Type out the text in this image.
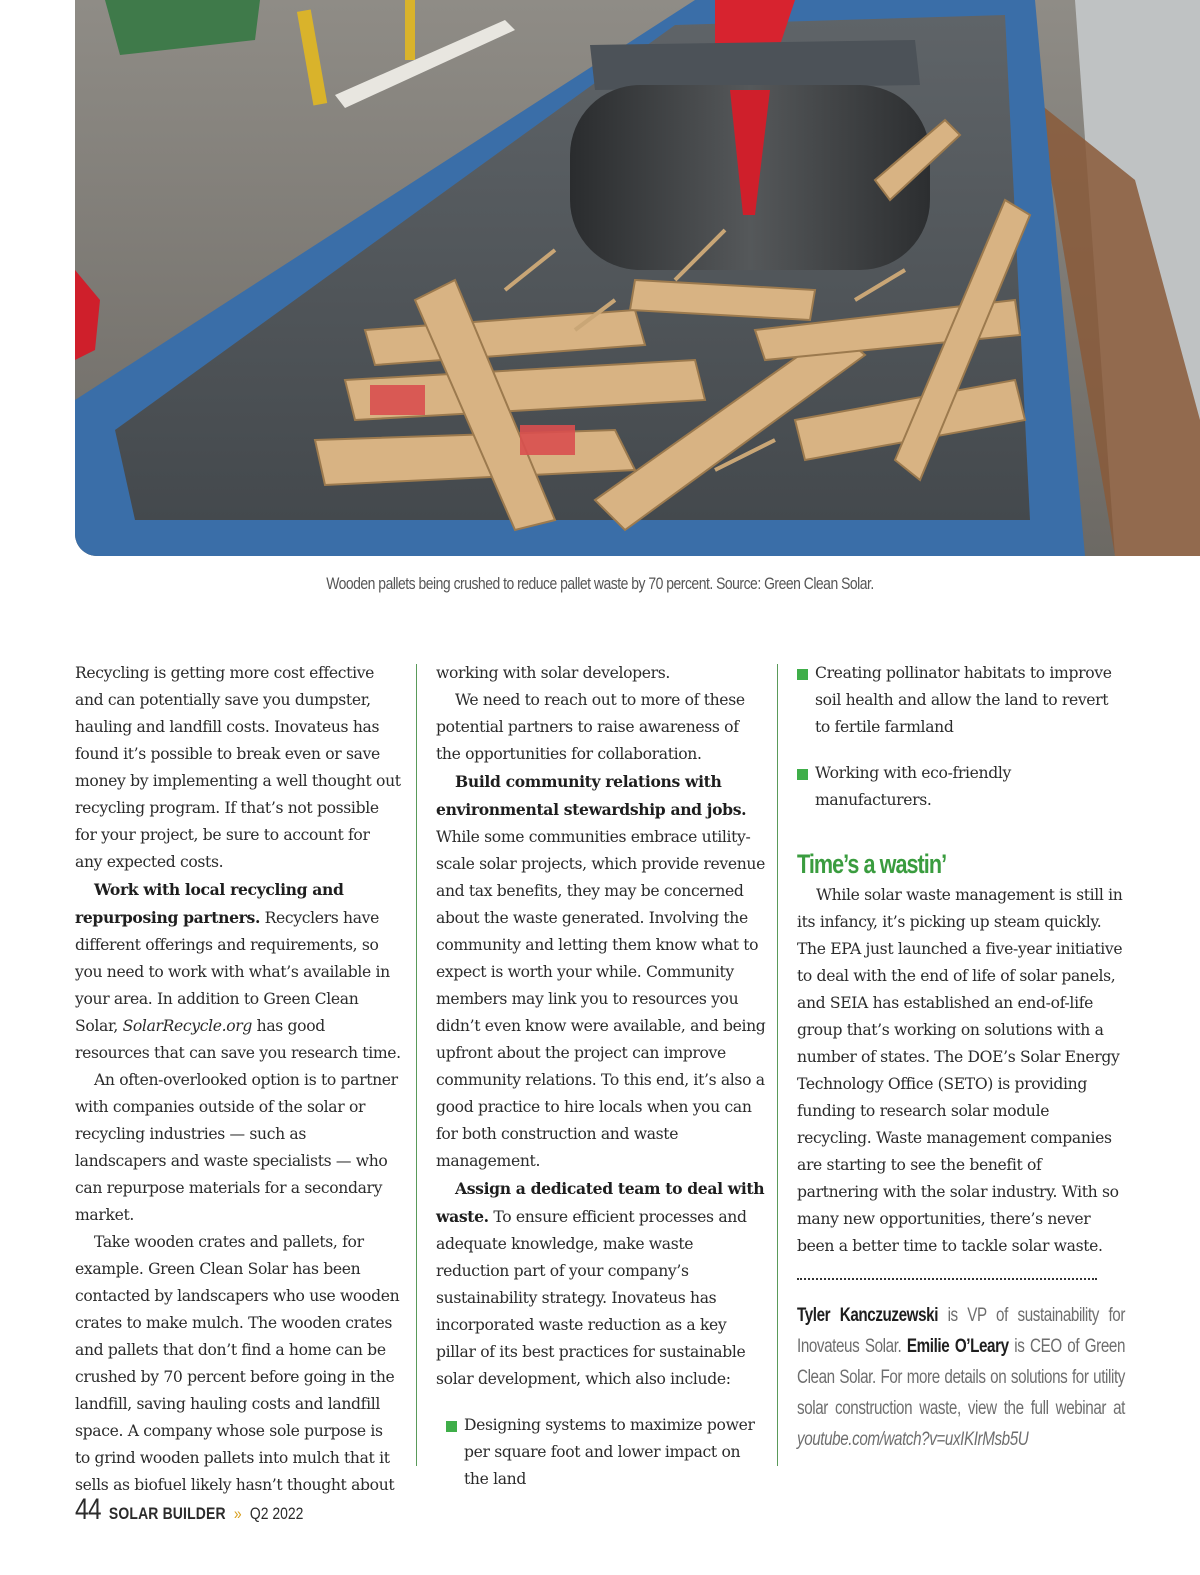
Wooden pallets being crushed to reduce pallet waste by 70 percent. Source: Green Clean Solar.

Recycling is getting more cost effective and can potentially save you dumpster, hauling and landfill costs. Inovateus has found it’s possible to break even or save money by implementing a well thought out recycling program. If that’s not possible for your project, be sure to account for any expected costs.

Work with local recycling and repurposing partners. Recyclers have different offerings and requirements, so you need to work with what’s available in your area. In addition to Green Clean Solar, SolarRecycle.org has good resources that can save you research time.

An often-overlooked option is to partner with companies outside of the solar or recycling industries — such as landscapers and waste specialists — who can repurpose materials for a secondary market.

Take wooden crates and pallets, for example. Green Clean Solar has been contacted by landscapers who use wooden crates to make mulch. The wooden crates and pallets that don’t find a home can be crushed by 70 percent before going in the landfill, saving hauling costs and landfill space. A company whose sole purpose is to grind wooden pallets into mulch that it sells as biofuel likely hasn’t thought about

working with solar developers.

We need to reach out to more of these potential partners to raise awareness of the opportunities for collaboration.

Build community relations with environmental stewardship and jobs. While some communities embrace utility-scale solar projects, which provide revenue and tax benefits, they may be concerned about the waste generated. Involving the community and letting them know what to expect is worth your while. Community members may link you to resources you didn’t even know were available, and being upfront about the project can improve community relations. To this end, it’s also a good practice to hire locals when you can for both construction and waste management.

Assign a dedicated team to deal with waste. To ensure efficient processes and adequate knowledge, make waste reduction part of your company’s sustainability strategy. Inovateus has incorporated waste reduction as a key pillar of its best practices for sustainable solar development, which also include:

Designing systems to maximize power per square foot and lower impact on the land
Creating pollinator habitats to improve soil health and allow the land to revert to fertile farmland
Working with eco-friendly manufacturers.
Time’s a wastin’

While solar waste management is still in its infancy, it’s picking up steam quickly. The EPA just launched a five-year initiative to deal with the end of life of solar panels, and SEIA has established an end-of-life group that’s working on solutions with a number of states. The DOE’s Solar Energy Technology Office (SETO) is providing funding to research solar module recycling. Waste management companies are starting to see the benefit of partnering with the solar industry. With so many new opportunities, there’s never been a better time to tackle solar waste.

Tyler Kanczuzewski is VP of sustainability for Inovateus Solar. Emilie O’Leary is CEO of Green Clean Solar. For more details on solutions for utility solar construction waste, view the full webinar at youtube.com/watch?v=uxIKIrMsb5U
44 SOLAR BUILDER » Q2 2022
